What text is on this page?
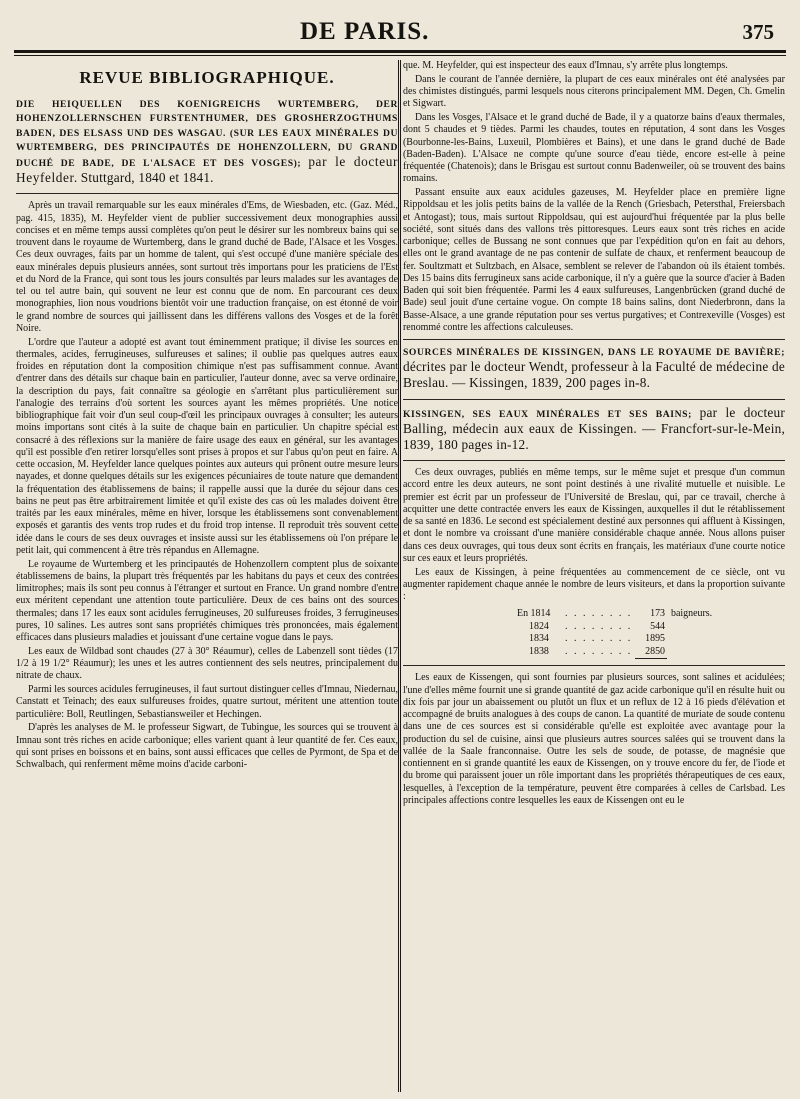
DE PARIS.	375
REVUE BIBLIOGRAPHIQUE.
DIE HEIQUELLEN DES KOENIGREICHS WURTEMBERG, DER HOHENZOLLERNSCHEN FURSTENTHUMER, DES GROSHERZOGTHUMS BADEN, DES ELSASS UND DES WASGAU. (SUR LES EAUX MINÉRALES DU WURTEMBERG, DES PRINCIPAUTÉS DE HOHENZOLLERN, DU GRAND DUCHÉ DE BADE, DE L'ALSACE ET DES VOSGES); par le docteur Heyfelder. Stuttgard, 1840 et 1841.

Après un travail remarquable sur les eaux minérales d'Ems, de Wiesbaden, etc. (Gaz. Méd., pag. 415, 1835), M. Heyfelder vient de publier successivement deux monographies aussi concises et en même temps aussi complètes qu'on peut le désirer sur les nombreux bains qui se trouvent dans le royaume de Wurtemberg, dans le grand duché de Bade, l'Alsace et les Vosges. Ces deux ouvrages, faits par un homme de talent, qui s'est occupé d'une manière spéciale des eaux minérales depuis plusieurs années, sont surtout très importans pour les praticiens de l'Est et du Nord de la France, qui sont tous les jours consultés par leurs malades sur les avantages de tel ou tel autre bain, qui souvent ne leur est connu que de nom. En parcourant ces deux monographies, lion nous voudrions bientôt voir une traduction française, on est étonné de voir le grand nombre de sources qui jaillissent dans les différens vallons des Vosges et de la forêt Noire.

L'ordre que l'auteur a adopté est avant tout éminemment pratique; il divise les sources en thermales, acides, ferrugineuses, sulfureuses et salines; il oublie pas quelques autres eaux froides en réputation dont la composition chimique n'est pas suffisamment connue. Avant d'entrer dans des détails sur chaque bain en particulier, l'auteur donne, avec sa verve ordinaire, la description du pays, fait connaître sa géologie en s'arrêtant plus particulièrement sur l'analogie des terrains d'où sortent les sources ayant les mêmes propriétés. Une notice bibliographique fait voir d'un seul coup-d'œil les principaux ouvrages à consulter; les auteurs moins importans sont cités à la suite de chaque bain en particulier. Un chapitre spécial est consacré à des réflexions sur la manière de faire usage des eaux en général, sur les avantages qu'il est possible d'en retirer lorsqu'elles sont prises à propos et sur l'abus qu'on peut en faire. A cette occasion, M. Heyfelder lance quelques pointes aux auteurs qui prônent outre mesure leurs nayades, et donne quelques détails sur les exigences pécuniaires de toute nature que demandent la fréquentation des établissemens de bains; il rappelle aussi que la durée du séjour dans ces bains ne peut pas être arbitrairement limitée et qu'il existe des cas où les malades doivent être traités par les eaux minérales, même en hiver, lorsque les établissemens sont convenablement exposés et garantis des vents trop rudes et du froid trop intense. Il reproduit très souvent cette idée dans le cours de ses deux ouvrages et insiste aussi sur les établissemens où l'on prépare le petit lait, qui commencent à être très répandus en Allemagne.

Le royaume de Wurtemberg et les principautés de Hohenzollern comptent plus de soixante établissemens de bains, la plupart très fréquentés par les habitans du pays et ceux des contrées limitrophes; mais ils sont peu connus à l'étranger et surtout en France. Un grand nombre d'entre eux méritent cependant une attention toute particulière. Deux de ces bains ont des sources thermales; dans 17 les eaux sont acidules ferrugineuses, 20 sulfureuses froides, 3 ferrugineuses pures, 10 salines. Les autres sont sans propriétés chimiques très prononcées, mais également efficaces dans plusieurs maladies et jouissant d'une certaine vogue dans le pays.

Les eaux de Wildbad sont chaudes (27 à 30° Réaumur), celles de Labenzell sont tièdes (17 1/2 à 19 1/2° Réaumur); les unes et les autres contiennent des sels neutres, principalement du nitrate de chaux.

Parmi les sources acidules ferrugineuses, il faut surtout distinguer celles d'Imnau, Niedernau, Canstatt et Teinach; des eaux sulfureuses froides, quatre surtout, méritent une attention toute particulière: Boll, Reutlingen, Sebastiansweiler et Hechingen.

D'après les analyses de M. le professeur Sigwart, de Tubingue, les sources qui se trouvent à Imnau sont très riches en acide carbonique; elles varient quant à leur quantité de fer. Ces eaux, qui sont prises en boissons et en bains, sont aussi efficaces que celles de Pyrmont, de Spa et de Schwalbach, qui renferment même moins d'acide carboni-

que. M. Heyfelder, qui est inspecteur des eaux d'Imnau, s'y arrête plus longtemps.

Dans le courant de l'année dernière, la plupart de ces eaux minérales ont été analysées par des chimistes distingués, parmi lesquels nous citerons principalement MM. Degen, Ch. Gmelin et Sigwart.

Dans les Vosges, l'Alsace et le grand duché de Bade, il y a quatorze bains d'eaux thermales, dont 5 chaudes et 9 tièdes. Parmi les chaudes, toutes en réputation, 4 sont dans les Vosges (Bourbonne-les-Bains, Luxeuil, Plombières et Bains), et une dans le grand duché de Bade (Baden-Baden). L'Alsace ne compte qu'une source d'eau tiède, encore est-elle à peine fréquentée (Chatenois); dans le Brisgau est surtout connu Badenweiler, où se trouvent des bains romains.

Passant ensuite aux eaux acidules gazeuses, M. Heyfelder place en première ligne Rippoldsau et les jolis petits bains de la vallée de la Rench (Griesbach, Petersthal, Freiersbach et Antogast); tous, mais surtout Rippoldsau, qui est aujourd'hui fréquentée par la plus belle société, sont situés dans des vallons très pittoresques. Leurs eaux sont très riches en acide carbonique; celles de Bussang ne sont connues que par l'expédition qu'on en fait au dehors, elles ont le grand avantage de ne pas contenir de sulfate de chaux, et renferment beaucoup de fer. Soultzmatt et Sultzbach, en Alsace, semblent se relever de l'abandon où ils étaient tombés. Des 15 bains dits ferrugineux sans acide carbonique, il n'y a guère que la source d'acier à Baden Baden qui soit bien fréquentée. Parmi les 4 eaux sulfureuses, Langenbrücken (grand duché de Bade) seul jouit d'une certaine vogue. On compte 18 bains salins, dont Niederbronn, dans la Basse-Alsace, a une grande réputation pour ses vertus purgatives; et Contrexeville (Vosges) est renommé contre les affections calculeuses.

SOURCES MINÉRALES DE KISSINGEN, DANS LE ROYAUME DE BAVIÈRE; décrites par le docteur Wendt, professeur à la Faculté de médecine de Breslau. — Kissingen, 1839, 200 pages in-8.
KISSINGEN, SES EAUX MINÉRALES ET SES BAINS; par le docteur Balling, médecin aux eaux de Kissingen. — Francfort-sur-le-Mein, 1839, 180 pages in-12.

Ces deux ouvrages, publiés en même temps, sur le même sujet et presque d'un commun accord entre les deux auteurs, ne sont point destinés à une rivalité mutuelle et nuisible. Le premier est écrit par un professeur de l'Université de Breslau, qui, par ce travail, cherche à acquitter une dette contractée envers les eaux de Kissingen, auxquelles il dut le rétablissement de sa santé en 1836. Le second est spécialement destiné aux personnes qui affluent à Kissingen, et dont le nombre va croissant d'une manière considérable chaque année. Nous allons puiser dans ces deux ouvrages, qui tous deux sont écrits en français, les matériaux d'une courte notice sur ces eaux et leurs propriétés.

Les eaux de Kissingen, à peine fréquentées au commencement de ce siècle, ont vu augmenter rapidement chaque année le nombre de leurs visiteurs, et dans la proportion suivante :

En 1814	. . . . . . . .	173	baigneurs.
1824	. . . . . . . .	544	
1834	. . . . . . . .	1895	
1838	. . . . . . . .	2850	

Les eaux de Kissengen, qui sont fournies par plusieurs sources, sont salines et acidulées; l'une d'elles même fournit une si grande quantité de gaz acide carbonique qu'il en résulte huit ou dix fois par jour un abaissement ou plutôt un flux et un reflux de 12 à 16 pieds d'élévation et accompagné de bruits analogues à des coups de canon. La quantité de muriate de soude contenu dans une de ces sources est si considérable qu'elle est exploitée avec avantage pour la production du sel de cuisine, ainsi que plusieurs autres sources salées qui se trouvent dans la vallée de la Saale franconnaise. Outre les sels de soude, de potasse, de magnésie que contiennent en si grande quantité les eaux de Kissengen, on y trouve encore du fer, de l'iode et du brome qui paraissent jouer un rôle important dans les propriétés thérapeutiques de ces eaux, lesquelles, à l'exception de la température, peuvent être comparées à celles de Carlsbad. Les principales affections contre lesquelles les eaux de Kissengen ont eu le
